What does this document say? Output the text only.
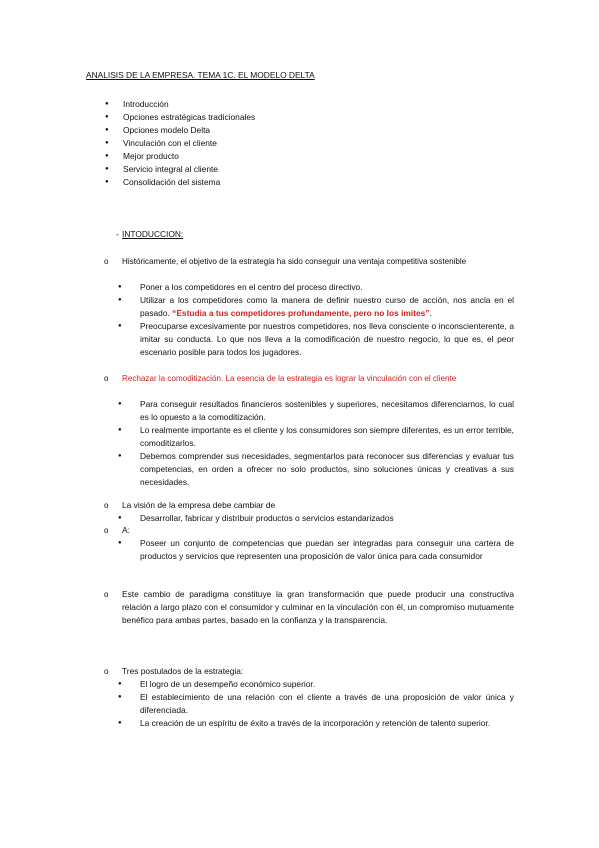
ANALISIS DE LA EMPRESA. TEMA 1C. EL MODELO DELTA
● Introducción
● Opciones estratégicas tradicionales
● Opciones modelo Delta
● Vinculación con el cliente
● Mejor producto
● Servicio integral al cliente
● Consolidación del sistema
- INTODUCCION:
o Históricamente, el objetivo de la estrategia ha sido conseguir una ventaja competitiva sostenible
● Poner a los competidores en el centro del proceso directivo.
● Utilizar a los competidores como la manera de definir nuestro curso de acción, nos ancla en el pasado. “Estudia a tus competidores profundamente, pero no los imites”.
● Preocuparse excesivamente por nuestros competidores, nos lleva consciente o inconscienterente, a imitar su conducta. Lo que nos lleva a la comodificación de nuestro negocio, lo que es, el peor escenario posible para todos los jugadores.
o Rechazar la comoditización. La esencia de la estrategia es lograr la vinculación con el cliente
● Para conseguir resultados financieros sostenibles y superiores, necesitamos diferenciarnos, lo cual es lo opuesto a la comoditización.
● Lo realmente importante es el cliente y los consumidores son siempre diferentes, es un error terrible, comoditizarlos.
● Debemos comprender sus necesidades, segmentarlos para reconocer sus diferencias y evaluar tus competencias, en orden a ofrecer no solo productos, sino soluciones únicas y creativas a sus necesidades.
o La visión de la empresa debe cambiar de
● Desarrollar, fabricar y distribuir productos o servicios estandarizados
o A:
● Poseer un conjunto de competencias que puedan ser integradas para conseguir una cartera de productos y servicios que representen una proposición de valor única para cada consumidor
o Este cambio de paradigma constituye la gran transformación que puede producir una constructiva relación a largo plazo con el consumidor y culminar en la vinculación con él, un compromiso mutuamente benéfico para ambas partes, basado en la confianza y la transparencia.
o Tres postulados de la estrategia:
● El logro de un desempeño económico superior.
● El establecimiento de una relación con el cliente a través de una proposición de valor única y diferenciada.
● La creación de un espíritu de éxito a través de la incorporación y retención de talento superior.
